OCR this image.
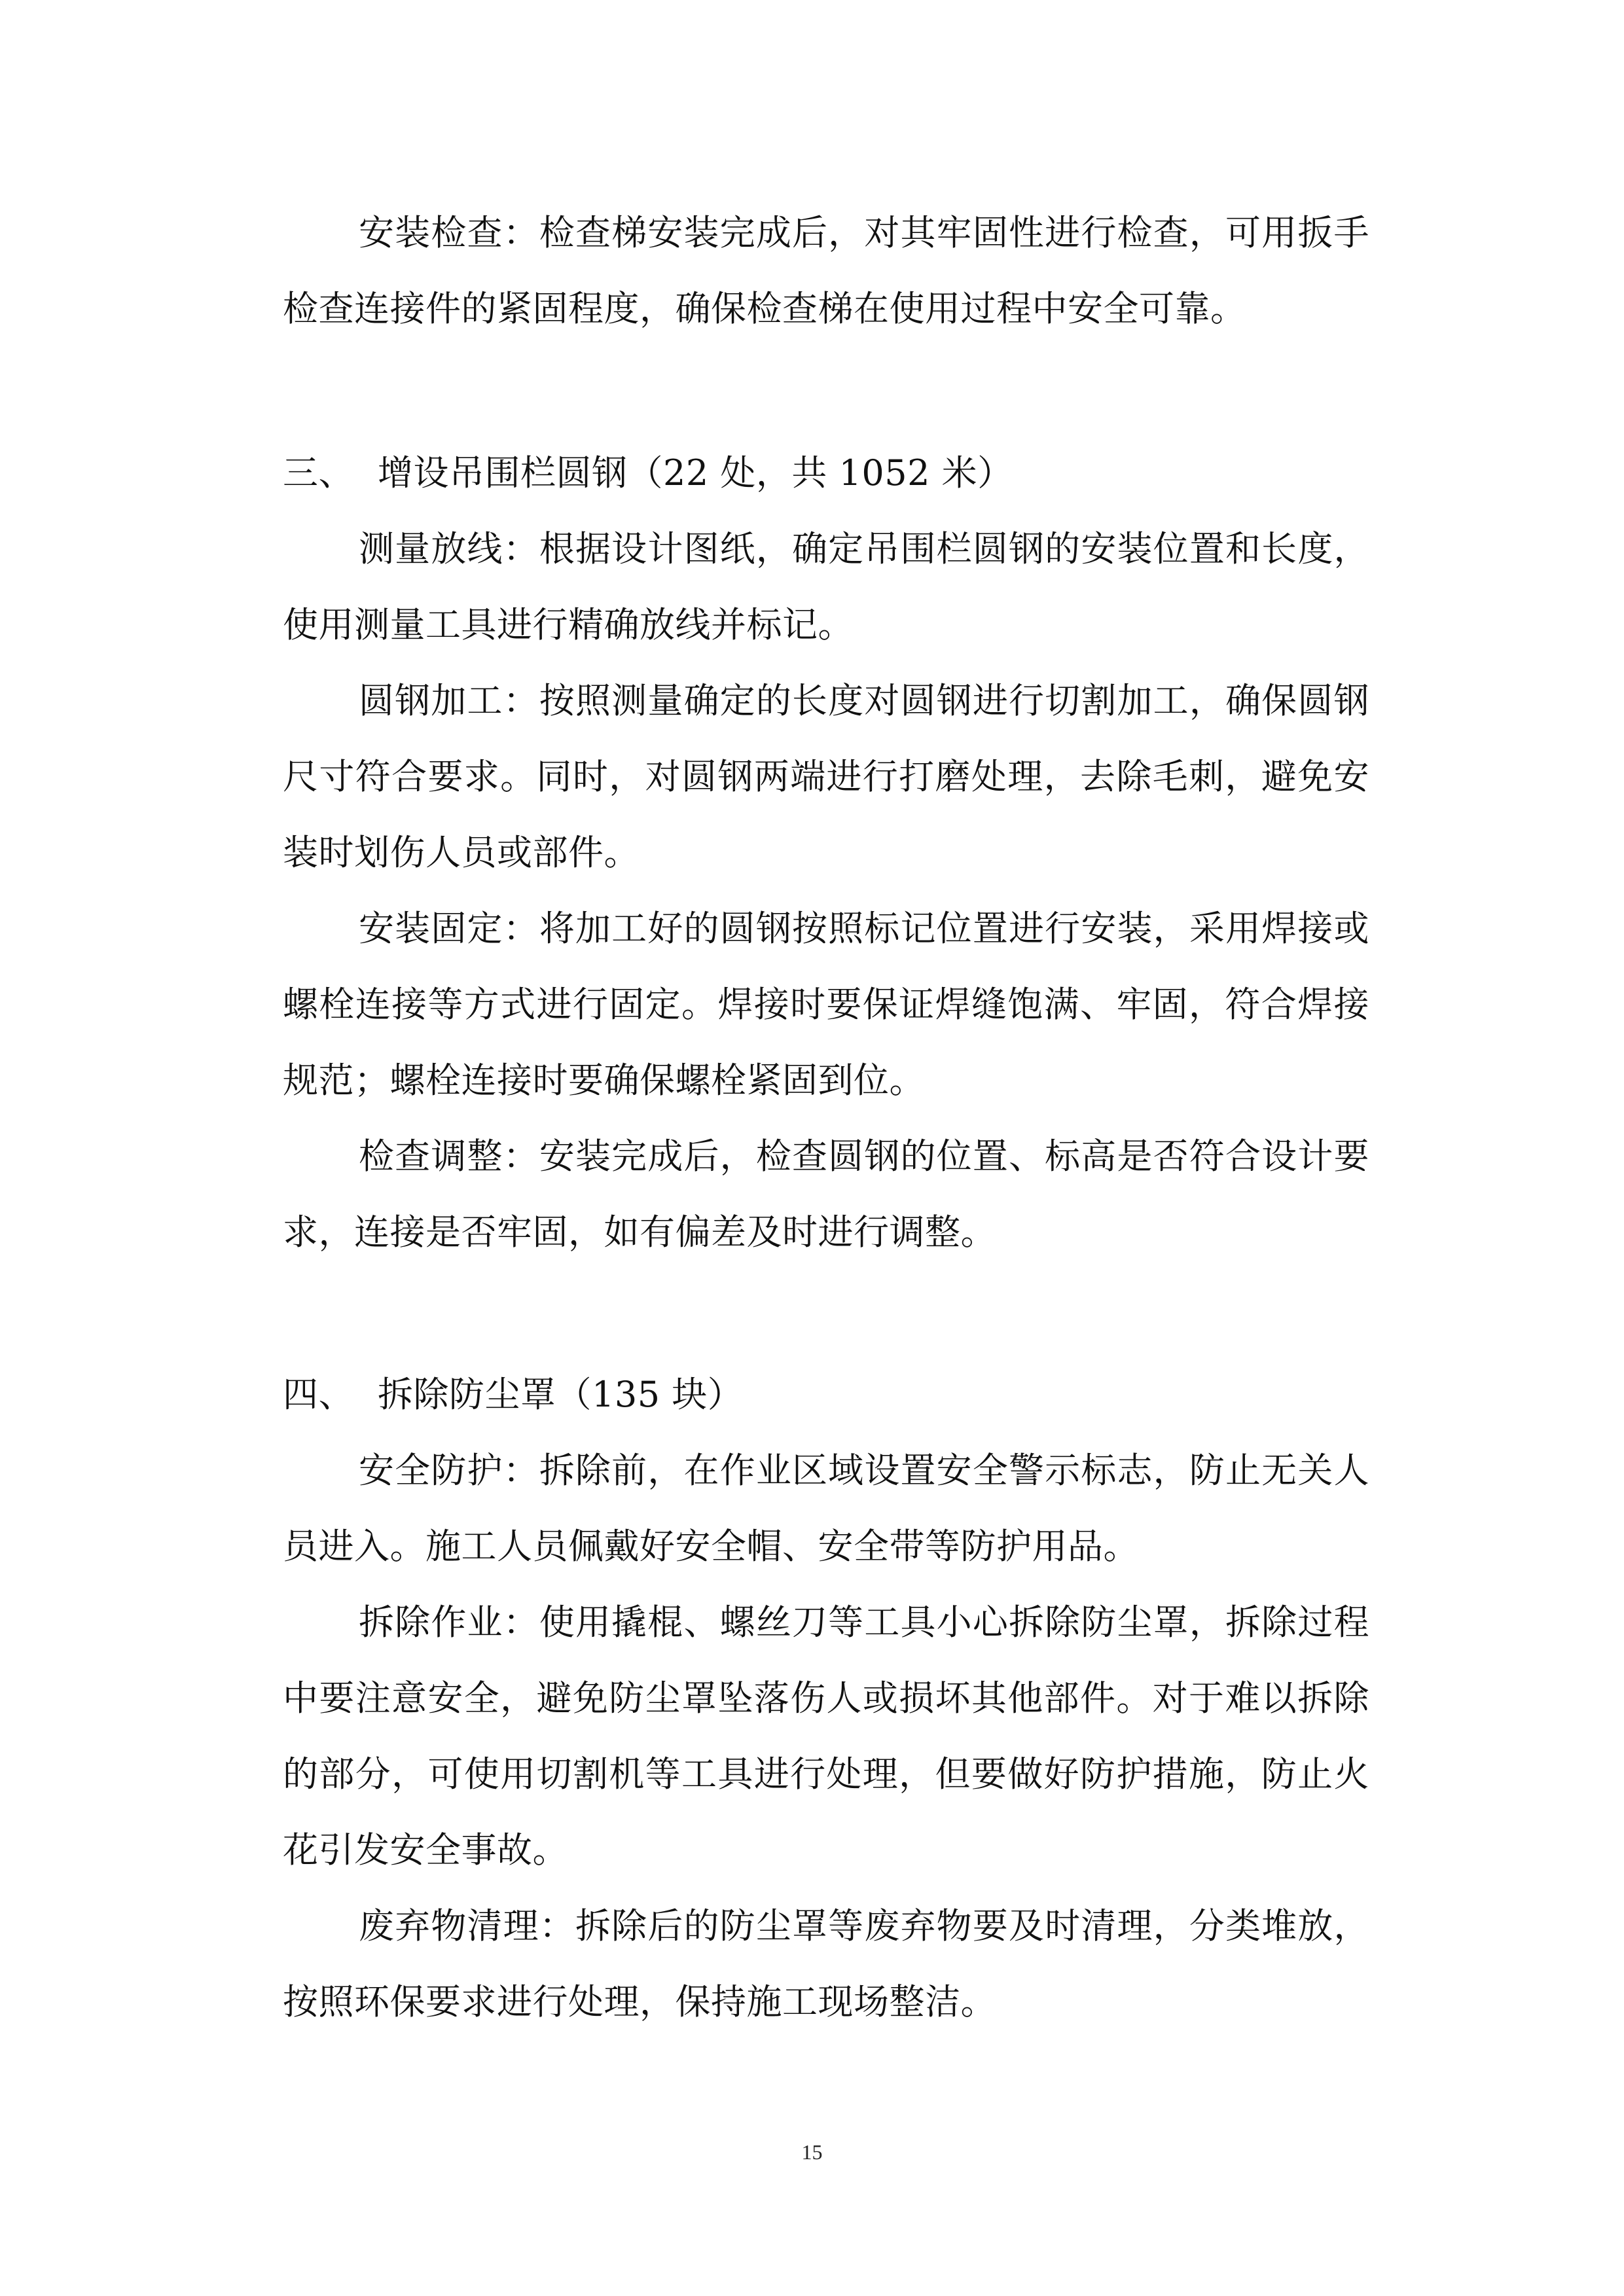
安装检查：检查梯安装完成后，对其牢固性进行检查，可用扳手检查连接件的紧固程度，确保检查梯在使用过程中安全可靠。

三、 增设吊围栏圆钢（22 处，共 1052 米）

测量放线：根据设计图纸，确定吊围栏圆钢的安装位置和长度，使用测量工具进行精确放线并标记。

圆钢加工：按照测量确定的长度对圆钢进行切割加工，确保圆钢尺寸符合要求。同时，对圆钢两端进行打磨处理，去除毛刺，避免安装时划伤人员或部件。

安装固定：将加工好的圆钢按照标记位置进行安装，采用焊接或螺栓连接等方式进行固定。焊接时要保证焊缝饱满、牢固，符合焊接规范；螺栓连接时要确保螺栓紧固到位。

检查调整：安装完成后，检查圆钢的位置、标高是否符合设计要求，连接是否牢固，如有偏差及时进行调整。

四、 拆除防尘罩（135 块）

安全防护：拆除前，在作业区域设置安全警示标志，防止无关人员进入。施工人员佩戴好安全帽、安全带等防护用品。

拆除作业：使用撬棍、螺丝刀等工具小心拆除防尘罩，拆除过程中要注意安全，避免防尘罩坠落伤人或损坏其他部件。对于难以拆除的部分，可使用切割机等工具进行处理，但要做好防护措施，防止火花引发安全事故。

废弃物清理：拆除后的防尘罩等废弃物要及时清理，分类堆放，按照环保要求进行处理，保持施工现场整洁。

15
